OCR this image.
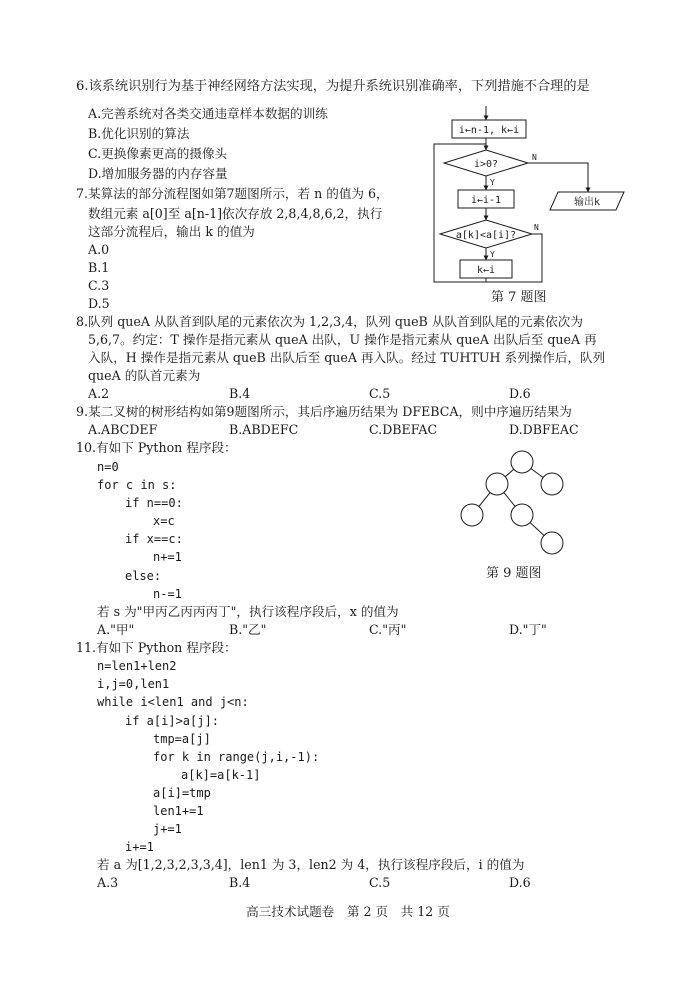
6.该系统识别行为基于神经网络方法实现，为提升系统识别准确率，下列措施不合理的是
A.完善系统对各类交通违章样本数据的训练
B.优化识别的算法
C.更换像素更高的摄像头
D.增加服务器的内存容量
7.某算法的部分流程图如第7题图所示，若 n 的值为 6，
数组元素 a[0]至 a[n-1]依次存放 2,8,4,8,6,2，执行
这部分流程后，输出 k 的值为
A.0
B.1
C.3
D.5
i←n-1, k←i
i>0?
i←i-1
a[k]<a[i]?
k←i
输出k
N
Y
N
Y
第 7 题图
8.队列 queA 从队首到队尾的元素依次为 1,2,3,4，队列 queB 从队首到队尾的元素依次为
5,6,7。约定：T 操作是指元素从 queA 出队，U 操作是指元素从 queA 出队后至 queA 再
入队，H 操作是指元素从 queB 出队后至 queA 再入队。经过 TUHTUH 系列操作后，队列
queA 的队首元素为
A.2	B.4	C.5	D.6
9.某二叉树的树形结构如第9题图所示，其后序遍历结果为 DFEBCA，则中序遍历结果为
A.ABCDEF	B.ABDEFC	C.DBEFAC	D.DBFEAC
第 9 题图
10.有如下 Python 程序段：
n=0
for c in s:
if n==0:
x=c
if x==c:
n+=1
else:
n-=1
若 s 为"甲丙乙丙丙丙丁"，执行该程序段后，x 的值为
A."甲"	B."乙"	C."丙"	D."丁"
11.有如下 Python 程序段：
n=len1+len2
i,j=0,len1
while i<len1 and j<n:
if a[i]>a[j]:
tmp=a[j]
for k in range(j,i,-1):
a[k]=a[k-1]
a[i]=tmp
len1+=1
j+=1
i+=1
若 a 为[1,2,3,2,3,3,4]，len1 为 3，len2 为 4，执行该程序段后，i 的值为
A.3	B.4	C.5	D.6
高三技术试题卷　第 2 页　共 12 页
